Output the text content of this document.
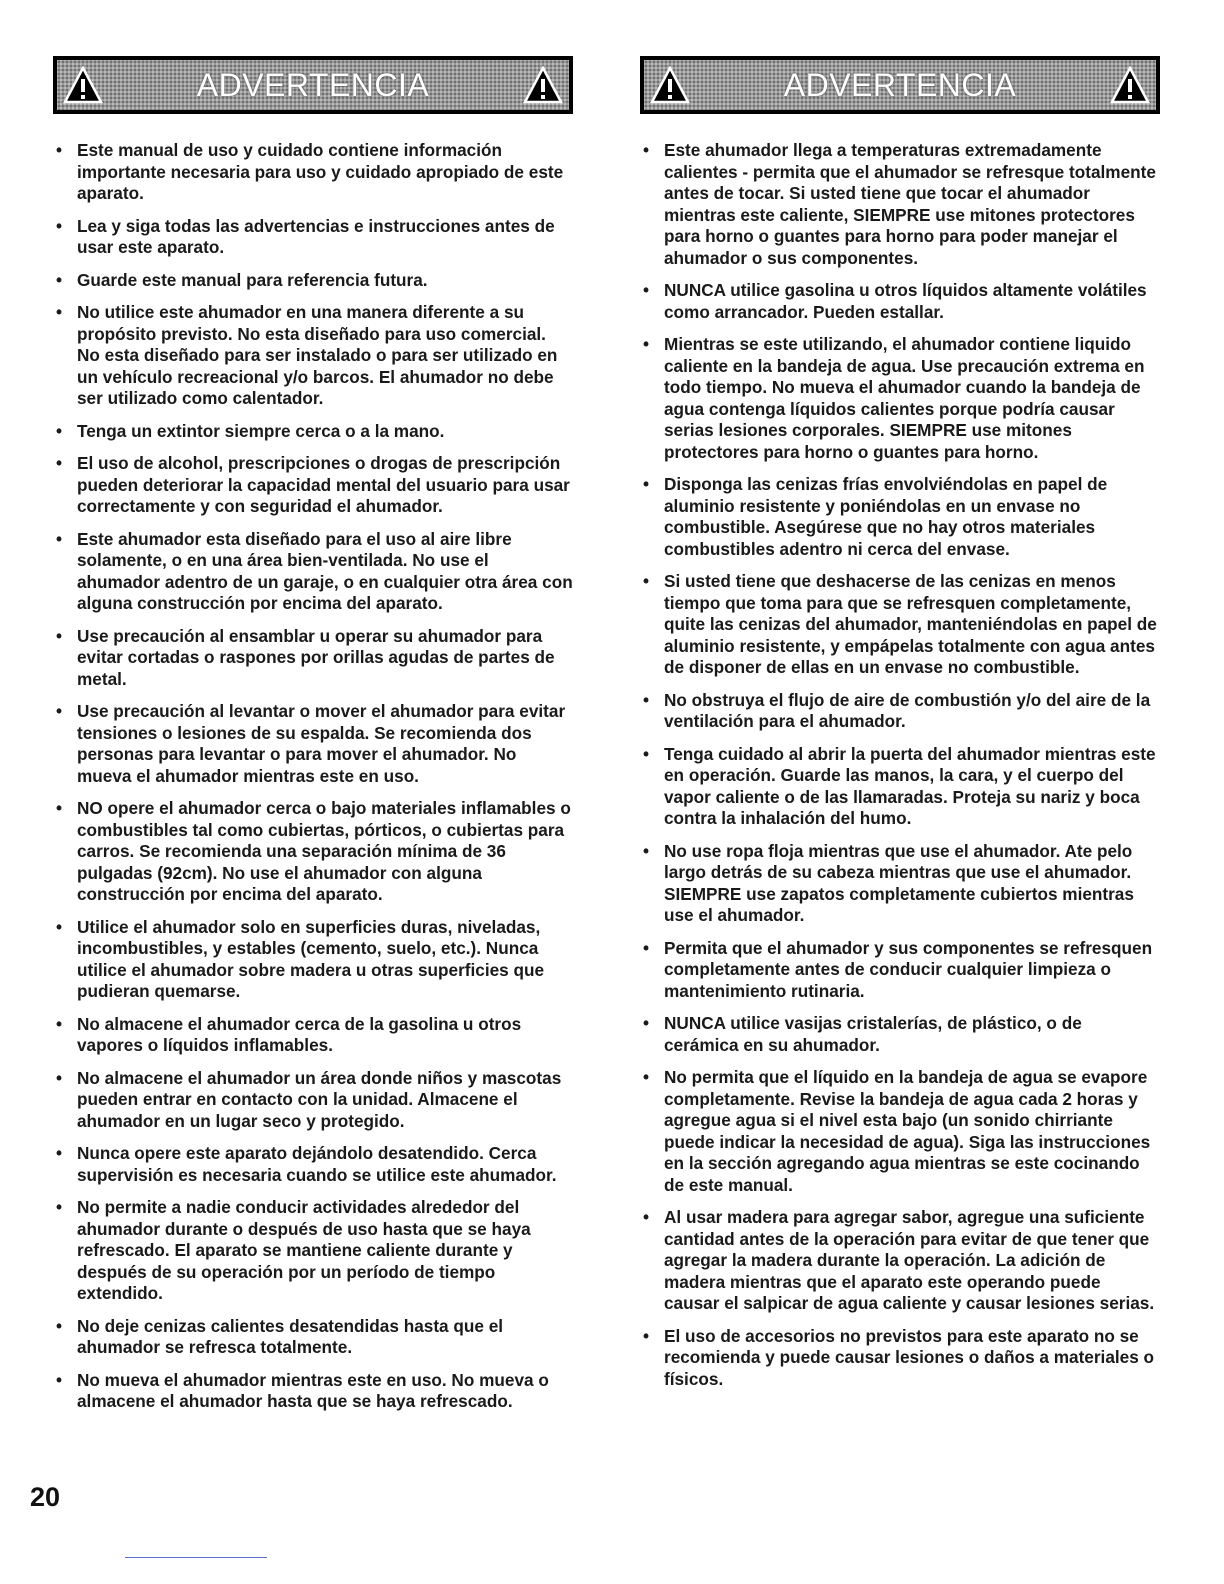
ADVERTENCIA
• Este manual de uso y cuidado contiene información importante necesaria para uso y cuidado apropiado de este aparato.
• Lea y siga todas las advertencias e instrucciones antes de usar este aparato.
• Guarde este manual para referencia futura.
• No utilice este ahumador en una manera diferente a su propósito previsto. No esta diseñado para uso comercial. No esta diseñado para ser instalado o para ser utilizado en un vehículo recreacional y/o barcos. El ahumador no debe ser utilizado como calentador.
• Tenga un extintor siempre cerca o a la mano.
• El uso de alcohol, prescripciones o drogas de prescripción pueden deteriorar la capacidad mental del usuario para usar correctamente y con seguridad el ahumador.
• Este ahumador esta diseñado para el uso al aire libre solamente, o en una área bien-ventilada. No use el ahumador adentro de un garaje, o en cualquier otra área con alguna construcción por encima del aparato.
• Use precaución al ensamblar u operar su ahumador para evitar cortadas o raspones por orillas agudas de partes de metal.
• Use precaución al levantar o mover el ahumador para evitar tensiones o lesiones de su espalda. Se recomienda dos personas para levantar o para mover el ahumador. No mueva el ahumador mientras este en uso.
• NO opere el ahumador cerca o bajo materiales inflamables o combustibles tal como cubiertas, pórticos, o cubiertas para carros. Se recomienda una separación mínima de 36 pulgadas (92cm). No use el ahumador con alguna construcción por encima del aparato.
• Utilice el ahumador solo en superficies duras, niveladas, incombustibles, y estables (cemento, suelo, etc.). Nunca utilice el ahumador sobre madera u otras superficies que pudieran quemarse.
• No almacene el ahumador cerca de la gasolina u otros vapores o líquidos inflamables.
• No almacene el ahumador un área donde niños y mascotas pueden entrar en contacto con la unidad. Almacene el ahumador en un lugar seco y protegido.
• Nunca opere este aparato dejándolo desatendido. Cerca supervisión es necesaria cuando se utilice este ahumador.
• No permite a nadie conducir actividades alrededor del ahumador durante o después de uso hasta que se haya refrescado. El aparato se mantiene caliente durante y después de su operación por un período de tiempo extendido.
• No deje cenizas calientes desatendidas hasta que el ahumador se refresca totalmente.
• No mueva el ahumador mientras este en uso. No mueva o almacene el ahumador hasta que se haya refrescado.
ADVERTENCIA
• Este ahumador llega a temperaturas extremadamente calientes - permita que el ahumador se refresque totalmente antes de tocar. Si usted tiene que tocar el ahumador mientras este caliente, SIEMPRE use mitones protectores para horno o guantes para horno para poder manejar el ahumador o sus componentes.
• NUNCA utilice gasolina u otros líquidos altamente volátiles como arrancador. Pueden estallar.
• Mientras se este utilizando, el ahumador contiene liquido caliente en la bandeja de agua. Use precaución extrema en todo tiempo. No mueva el ahumador cuando la bandeja de agua contenga líquidos calientes porque podría causar serias lesiones corporales. SIEMPRE use mitones protectores para horno o guantes para horno.
• Disponga las cenizas frías envolviéndolas en papel de aluminio resistente y poniéndolas en un envase no combustible. Asegúrese que no hay otros materiales combustibles adentro ni cerca del envase.
• Si usted tiene que deshacerse de las cenizas en menos tiempo que toma para que se refresquen completamente, quite las cenizas del ahumador, manteniéndolas en papel de aluminio resistente, y empápelas totalmente con agua antes de disponer de ellas en un envase no combustible.
• No obstruya el flujo de aire de combustión y/o del aire de la ventilación para el ahumador.
• Tenga cuidado al abrir la puerta del ahumador mientras este en operación. Guarde las manos, la cara, y el cuerpo del vapor caliente o de las llamaradas. Proteja su nariz y boca contra la inhalación del humo.
• No use ropa floja mientras que use el ahumador. Ate pelo largo detrás de su cabeza mientras que use el ahumador. SIEMPRE use zapatos completamente cubiertos mientras use el ahumador.
• Permita que el ahumador y sus componentes se refresquen completamente antes de conducir cualquier limpieza o mantenimiento rutinaria.
• NUNCA utilice vasijas cristalerías, de plástico, o de cerámica en su ahumador.
• No permita que el líquido en la bandeja de agua se evapore completamente. Revise la bandeja de agua cada 2 horas y agregue agua si el nivel esta bajo (un sonido chirriante puede indicar la necesidad de agua). Siga las instrucciones en la sección agregando agua mientras se este cocinando de este manual.
• Al usar madera para agregar sabor, agregue una suficiente cantidad antes de la operación para evitar de que tener que agregar la madera durante la operación. La adición de madera mientras que el aparato este operando puede causar el salpicar de agua caliente y causar lesiones serias.
• El uso de accesorios no previstos para este aparato no se recomienda y puede causar lesiones o daños a materiales o físicos.
20
